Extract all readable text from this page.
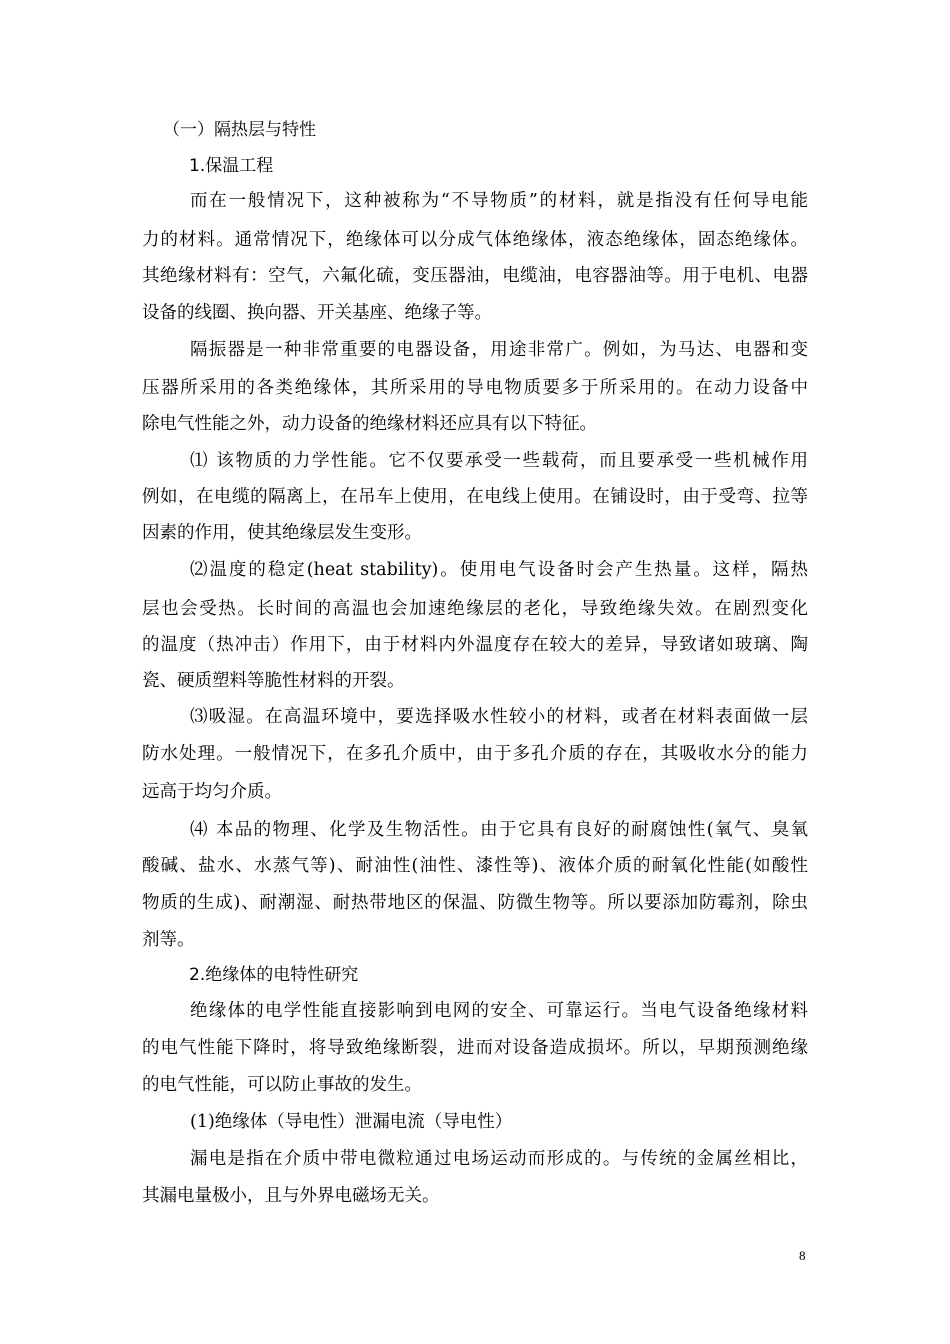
（一）隔热层与特性
1.保温工程
而在一般情况下，这种被称为“不导物质”的材料，就是指没有任何导电能
力的材料。通常情况下，绝缘体可以分成气体绝缘体，液态绝缘体，固态绝缘体。
其绝缘材料有：空气，六氟化硫，变压器油，电缆油，电容器油等。用于电机、电器
设备的线圈、换向器、开关基座、绝缘子等。
隔振器是一种非常重要的电器设备，用途非常广。例如，为马达、电器和变
压器所采用的各类绝缘体，其所采用的导电物质要多于所采用的。在动力设备中
除电气性能之外，动力设备的绝缘材料还应具有以下特征。
⑴ 该物质的力学性能。它不仅要承受一些载荷，而且要承受一些机械作用
例如，在电缆的隔离上，在吊车上使用，在电线上使用。在铺设时，由于受弯、拉等
因素的作用，使其绝缘层发生变形。
⑵温度的稳定(heat stability)。使用电气设备时会产生热量。这样，隔热
层也会受热。长时间的高温也会加速绝缘层的老化，导致绝缘失效。在剧烈变化
的温度（热冲击）作用下，由于材料内外温度存在较大的差异，导致诸如玻璃、陶
瓷、硬质塑料等脆性材料的开裂。
⑶吸湿。在高温环境中，要选择吸水性较小的材料，或者在材料表面做一层
防水处理。一般情况下，在多孔介质中，由于多孔介质的存在，其吸收水分的能力
远高于均匀介质。
⑷ 本品的物理、化学及生物活性。由于它具有良好的耐腐蚀性(氧气、臭氧
酸碱、盐水、水蒸气等)、耐油性(油性、漆性等)、液体介质的耐氧化性能(如酸性
物质的生成)、耐潮湿、耐热带地区的保温、防微生物等。所以要添加防霉剂，除虫
剂等。
2.绝缘体的电特性研究
绝缘体的电学性能直接影响到电网的安全、可靠运行。当电气设备绝缘材料
的电气性能下降时，将导致绝缘断裂，进而对设备造成损坏。所以，早期预测绝缘
的电气性能，可以防止事故的发生。
(1)绝缘体（导电性）泄漏电流（导电性）
漏电是指在介质中带电微粒通过电场运动而形成的。与传统的金属丝相比，
其漏电量极小，且与外界电磁场无关。
8
